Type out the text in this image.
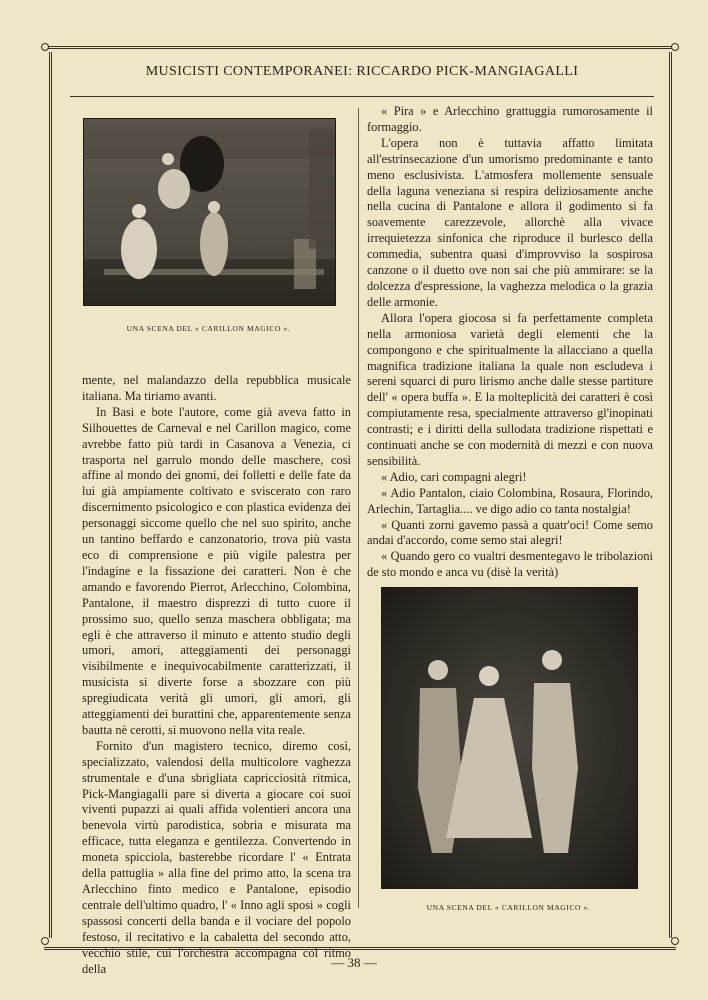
MUSICISTI CONTEMPORANEI: RICCARDO PICK-MANGIAGALLI
UNA SCENA DEL « CARILLON MAGICO ».
UNA SCENA DEL « CARILLON MAGICO ».

mente, nel malandazzo della repubblica musicale italiana. Ma tiriamo avanti.

In Basi e bote l'autore, come già aveva fatto in Silhouettes de Carneval e nel Carillon magico, come avrebbe fatto più tardi in Casanova a Venezia, ci trasporta nel garrulo mondo delle maschere, così affine al mondo dei gnomi, dei folletti e delle fate da lui già ampiamente coltivato e sviscerato con raro discernimento psicologico e con plastica evidenza dei personaggi siccome quello che nel suo spirito, anche un tantino beffardo e canzonatorio, trova più vasta eco di comprensione e più vigile palestra per l'indagine e la fissazione dei caratteri. Non è che amando e favorendo Pierrot, Arlecchino, Colombina, Pantalone, il maestro disprezzi di tutto cuore il prossimo suo, quello senza maschera obbligata; ma egli è che attraverso il minuto e attento studio degli umori, amori, atteggiamenti dei personaggi visibilmente e inequivocabilmente caratterizzati, il musicista si diverte forse a sbozzare con più spregiudicata verità gli umori, gli amori, gli atteggiamenti dei burattini che, apparentemente senza bautta nè cerotti, si muovono nella vita reale.

Fornito d'un magistero tecnico, diremo così, specializzato, valendosi della multicolore vaghezza strumentale e d'una sbrigliata capricciosità ritmica, Pick-Mangiagalli pare si diverta a giocare coi suoi viventi pupazzi ai quali affida volentieri ancora una benevola virtù parodistica, sobria e misurata ma efficace, tutta eleganza e gentilezza. Convertendo in moneta spicciola, basterebbe ricordare l' « Entrata della pattuglia » alla fine del primo atto, la scena tra Arlecchino finto medico e Pantalone, episodio centrale dell'ultimo quadro, l' « Inno agli sposi » cogli spassosi concerti della banda e il vociare del popolo festoso, il recitativo e la cabaletta del secondo atto, vecchio stile, cui l'orchestra accompagna col ritmo della

« Pira » e Arlecchino grattuggia rumorosamente il formaggio.

L'opera non è tuttavia affatto limitata all'estrinsecazione d'un umorismo predominante e tanto meno esclusivista. L'atmosfera mollemente sensuale della laguna veneziana si respira deliziosamente anche nella cucina di Pantalone e allora il godimento si fa soavemente carezzevole, allorchè alla vivace irrequietezza sinfonica che riproduce il burlesco della commedia, subentra quasi d'improvviso la sospirosa canzone o il duetto ove non sai che più ammirare: se la dolcezza d'espressione, la vaghezza melodica o la grazia delle armonie.

Allora l'opera giocosa si fa perfettamente completa nella armoniosa varietà degli elementi che la compongono e che spiritualmente la allacciano a quella magnifica tradizione italiana la quale non escludeva i sereni squarci di puro lirismo anche dalle stesse partiture dell' « opera buffa ». E la molteplicità dei caratteri è così compiutamente resa, specialmente attraverso gl'inopinati contrasti; e i diritti della sullodata tradizione rispettati e continuati anche se con modernità di mezzi e con nuova sensibilità.

« Adio, cari compagni alegri!

« Adio Pantalon, ciaio Colombina, Rosaura, Florindo, Arlechin, Tartaglia.... ve digo adio co tanta nostalgia!

« Quanti zorni gavemo passà a quatr'oci! Come semo andai d'accordo, come semo stai alegri!

« Quando gero co vualtri desmentegavo le tribolazioni de sto mondo e anca vu (disè la verità)

— 38 —
